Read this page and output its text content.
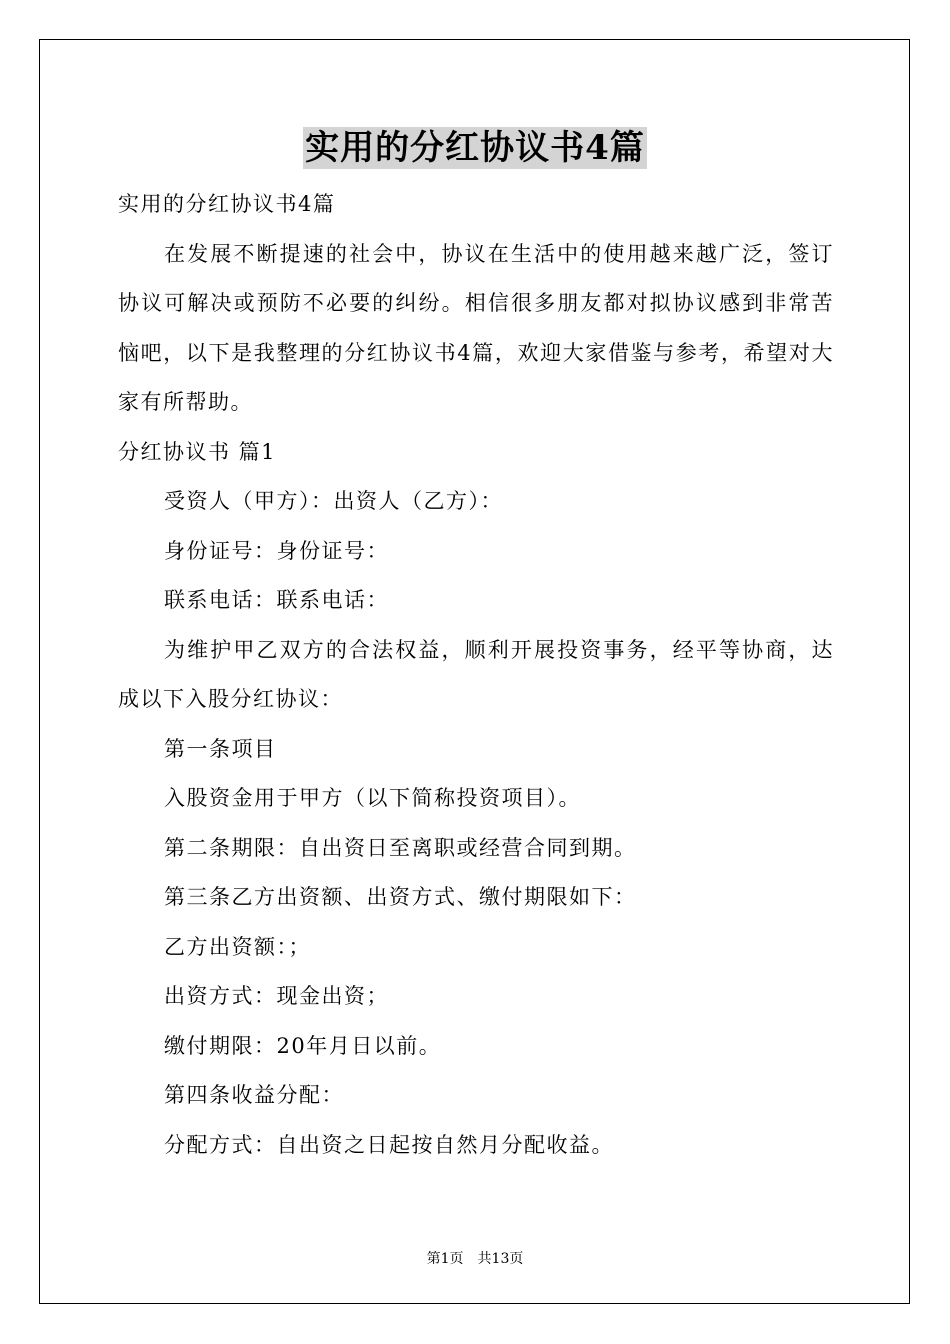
实用的分红协议书4篇

实用的分红协议书4篇

在发展不断提速的社会中，协议在生活中的使用越来越广泛，签订协议可解决或预防不必要的纠纷。相信很多朋友都对拟协议感到非常苦恼吧，以下是我整理的分红协议书4篇，欢迎大家借鉴与参考，希望对大家有所帮助。

分红协议书 篇1

受资人（甲方）：出资人（乙方）：

身份证号：身份证号：

联系电话：联系电话：

为维护甲乙双方的合法权益，顺利开展投资事务，经平等协商，达成以下入股分红协议：

第一条项目

入股资金用于甲方（以下简称投资项目）。

第二条期限：自出资日至离职或经营合同到期。

第三条乙方出资额、出资方式、缴付期限如下：

乙方出资额：；

出资方式：现金出资；

缴付期限：20年月日以前。

第四条收益分配：

分配方式：自出资之日起按自然月分配收益。

第1页 共13页
